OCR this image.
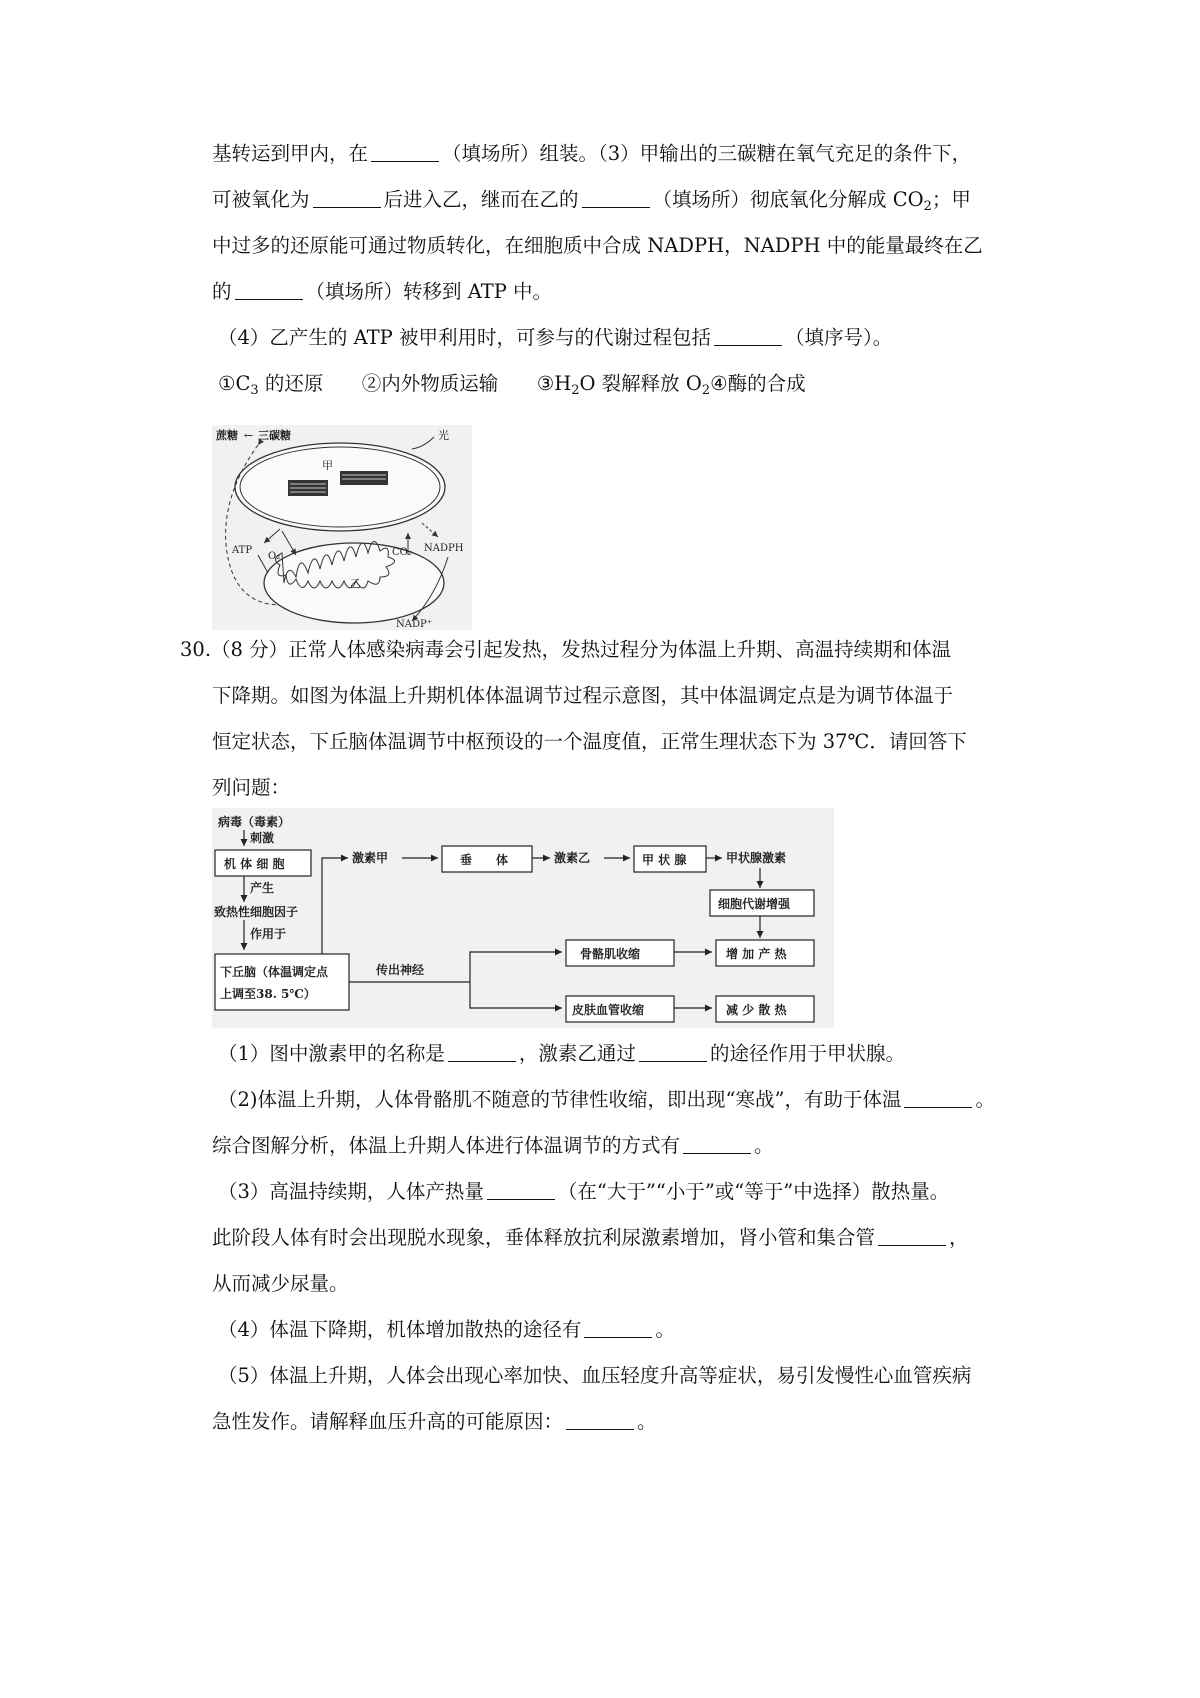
基转运到甲内，在	（填场所）组装。（3）甲输出的三碳糖在氧气充足的条件下，
可被氧化为	后进入乙，继而在乙的	（填场所）彻底氧化分解成 $CO_2$；甲
中过多的还原能可通过物质转化，在细胞质中合成 NADPH，NADPH 中的能量最终在乙
的	（填场所）转移到 ATP 中。
（4）乙产生的 ATP 被甲利用时，可参与的代谢过程包括	（填序号）。
$①C_3$ 的还原 ②内外物质运输 $③H_2O$ 裂解释放 $O_2④$酶的合成
蔗糖 ← 三碳糖	光
甲
乙
ATP
O₂	CO₂ NADPH
NADP⁺
30.（8 分）正常人体感染病毒会引起发热，发热过程分为体温上升期、高温持续期和体温
下降期。如图为体温上升期机体体温调节过程示意图，其中体温调定点是为调节体温于
恒定状态，下丘脑体温调节中枢预设的一个温度值，正常生理状态下为 37℃．请回答下
列问题：
病毒（毒素）
刺激
机 体 细 胞
产生
致热性细胞因子
作用于
下丘脑（体温调定点
上调至38. 5℃）
激素甲	垂　　体	激素乙	甲 状 腺	甲状腺激素
细胞代谢增强
传出神经
骨骼肌收缩	增 加 产 热
皮肤血管收缩	减 少 散 热
（1）图中激素甲的名称是	，激素乙通过	的途径作用于甲状腺。
（2)体温上升期，人体骨骼肌不随意的节律性收缩，即出现“寒战”，有助于体温	。
综合图解分析，体温上升期人体进行体温调节的方式有	。
（3）高温持续期，人体产热量	（在“大于”“小于”或“等于”中选择）散热量。
此阶段人体有时会出现脱水现象，垂体释放抗利尿激素增加，肾小管和集合管	，
从而减少尿量。
（4）体温下降期，机体增加散热的途径有	。
（5）体温上升期，人体会出现心率加快、血压轻度升高等症状，易引发慢性心血管疾病
急性发作。请解释血压升高的可能原因：	。
